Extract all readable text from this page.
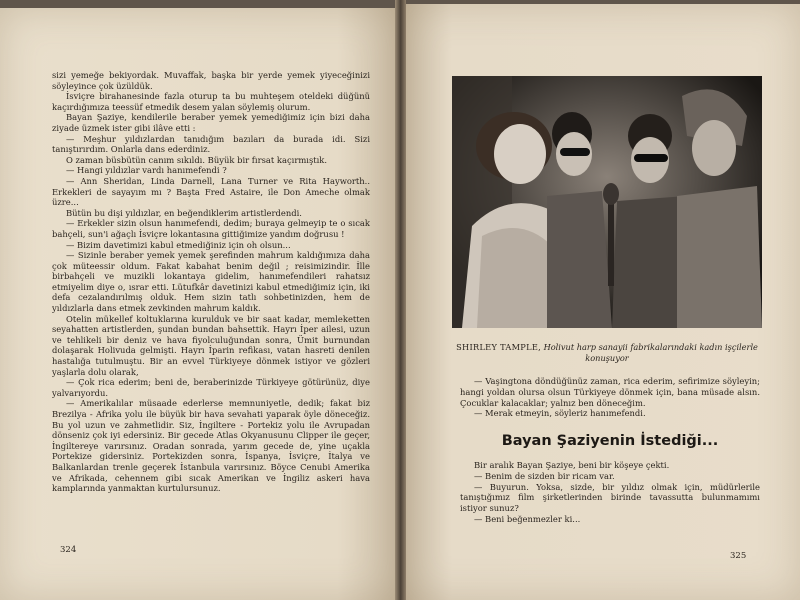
sizi yemeğe bekiyordak. Muvaffak, başka bir yerde yemek yiyeceğinizi söyleyince çok üzüldük.

İsviçre birahanesinde fazla oturup ta bu muhteşem oteldeki düğünü kaçırdığımıza teessüf etmedik desem yalan söylemiş olurum.

Bayan Şaziye, kendilerile beraber yemek yemediğimiz için bizi daha ziyade üzmek ister gibi ilâve etti :

— Meşhur yıldızlardan tanıdığım bazıları da burada idi. Sizi tanıştırırdım. Onlarla dans ederdiniz.

O zaman büsbütün canım sıkıldı. Büyük bir fırsat kaçırmıştık.

— Hangi yıldızlar vardı hanımefendi ?

— Ann Sheridan, Linda Darnell, Lana Turner ve Rita Hayworth.. Erkekleri de sayayım mı ? Başta Fred Astaire, ile Don Ameche olmak üzre...

Bütün bu dişi yıldızlar, en beğendiklerim artistlerdendi.

— Erkekler sizin olsun hanımefendi, dedim; buraya gelmeyip te o sıcak bahçeli, sun'i ağaçlı İsviçre lokantasına gittiğimize yandım doğrusu !

— Bizim davetimizi kabul etmediğiniz için oh olsun...

— Sizinle beraber yemek yemek şerefinden mahrum kaldığımıza daha çok müteessir oldum. Fakat kabahat benim değil ; reisimizindir. İlle birbahçeli ve muzikli lokantaya gidelim, hanımefendileri rahatsız etmiyelim diye o, ısrar etti. Lütufkâr davetinizi kabul etmediğimiz için, iki defa cezalandırılmış olduk. Hem sizin tatlı sohbetinizden, hem de yıldızlarla dans etmek zevkinden mahrum kaldık.

Otelin mükellef koltuklarına kurulduk ve bir saat kadar, memleketten seyahatten artistlerden, şundan bundan bahsettik. Hayrı İper ailesi, uzun ve tehlikeli bir deniz ve hava fiyolculuğundan sonra, Ümit burnundan dolaşarak Holivuda gelmişti. Hayrı İparin refikası, vatan hasreti denilen hastalığa tutulmuştu. Bir an evvel Türkiyeye dönmek istiyor ve gözleri yaşlarla dolu olarak,

— Çok rica ederim; beni de, beraberinizde Türkiyeye götürünüz, diye yalvarıyordu.

— Amerikalılar müsaade ederlerse memnuniyetle, dedik; fakat biz Brezilya - Afrika yolu ile büyük bir hava sevahati yaparak öyle döneceğiz. Bu yol uzun ve zahmetlidir. Siz, İngiltere - Portekiz yolu ile Avrupadan dönseniz çok iyi edersiniz. Bir gecede Atlas Okyanusunu Clipper ile geçer, İngiltereye varırsınız. Oradan sonrada, yarım gecede de, yine uçakla Portekize gidersiniz. Portekizden sonra, İspanya, İsviçre, İtalya ve Balkanlardan trenle geçerek İstanbula varırsınız. Böyce Cenubi Amerika ve Afrikada, cehennem gibi sıcak Amerikan ve İngiliz askeri hava kamplarında yanmaktan kurtulursunuz.

324
SHIRLEY TAMPLE, Holivut harp sanayii fabrikalarındaki kadın işçilerle konuşuyor

— Vaşingtona döndüğünüz zaman, rica ederim, sefirimize söyleyin; hangi yoldan olursa olsun Türkiyeye dönmek için, bana müsade alsın. Çocuklar kalacaklar; yalnız ben döneceğim.

— Merak etmeyin, söyleriz hanımefendi.

Bayan Şaziyenin İstediği...

Bir aralık Bayan Şaziye, beni bir köşeye çekti.

— Benim de sizden bir ricam var.

— Buyurun. Yoksa, sizde, bir yıldız olmak için, müdürlerile tanıştığımız film şirketlerinden birinde tavassutta bulunmamımı istiyor sunuz?

— Beni beğenmezler ki...

325
